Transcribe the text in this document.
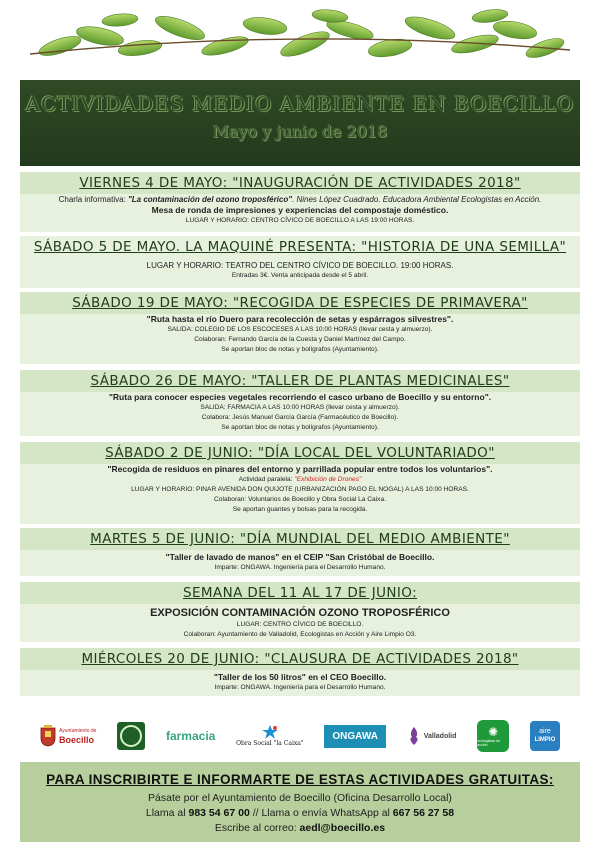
ACTIVIDADES MEDIO AMBIENTE EN BOECILLO
Mayo y junio de 2018
VIERNES 4 DE MAYO: "INAUGURACIÓN DE ACTIVIDADES 2018"
Charla informativa: "La contaminación del ozono troposférico". Nines López Cuadrado. Educadora Ambiental Ecologistas en Acción.
Mesa de ronda de impresiones y experiencias del compostaje doméstico.
LUGAR Y HORARIO: CENTRO CÍVICO DE BOECILLO A LAS 19:00 HORAS.
SÁBADO 5 DE MAYO. LA MAQUINÉ PRESENTA: "HISTORIA DE UNA SEMILLA"
LUGAR Y HORARIO: TEATRO DEL CENTRO CÍVICO DE BOECILLO. 19:00 HORAS.
Entradas 3€. Venta anticipada desde el 5 abril.
SÁBADO 19 DE MAYO: "RECOGIDA DE ESPECIES DE PRIMAVERA"
"Ruta hasta el río Duero para recolección de setas y espárragos silvestres".
SALIDA: COLEGIO DE LOS ESCOCESES A LAS 10:00 HORAS (llevar cesta y almuerzo).
Colaboran: Fernando García de la Cuesta y Daniel Martínez del Campo.
Se aportan bloc de notas y bolígrafos (Ayuntamiento).
SÁBADO 26 DE MAYO: "TALLER DE PLANTAS MEDICINALES"
"Ruta para conocer especies vegetales recorriendo el casco urbano de Boecillo y su entorno".
SALIDA: FARMACIA A LAS 10:00 HORAS (llevar cesta y almuerzo).
Colabora: Jesús Manuel García García (Farmacéutico de Boecillo).
Se aportan bloc de notas y bolígrafos (Ayuntamiento).
SÁBADO 2 DE JUNIO: "DÍA LOCAL DEL VOLUNTARIADO"
"Recogida de residuos en pinares del entorno y parrillada popular entre todos los voluntarios".
Actividad paralela: "Exhibición de Drones"
LUGAR Y HORARIO: PINAR AVENIDA DON QUIJOTE (URBANIZACIÓN PAGO EL NOGAL) A LAS 10:00 HORAS.
Colaboran: Voluntarios de Boecillo y Obra Social La Caixa.
Se aportan guantes y bolsas para la recogida.
MARTES 5 DE JUNIO: "DÍA MUNDIAL DEL MEDIO AMBIENTE"
"Taller de lavado de manos" en el CEIP "San Cristóbal de Boecillo.
Imparte: ONGAWA. Ingeniería para el Desarrollo Humano.
SEMANA DEL 11 AL 17 DE JUNIO:
EXPOSICIÓN CONTAMINACIÓN OZONO TROPOSFÉRICO
LUGAR: CENTRO CÍVICO DE BOECILLO.
Colaboran: Ayuntamiento de Valladolid, Ecologistas en Acción y Aire Limpio O3.
MIÉRCOLES 20 DE JUNIO: "CLAUSURA DE ACTIVIDADES 2018"
"Taller de los 50 litros" en el CEO Boecillo.
Imparte: ONGAWA. Ingeniería para el Desarrollo Humano.
Ayuntamiento de
Boecillo	farmacia
Obra Social "la Caixa"
ONGAWA	Valladolid	✺
ecologistas en acción
aire
LIMPIO
PARA INSCRIBIRTE E INFORMARTE DE ESTAS ACTIVIDADES GRATUITAS:
Pásate por el Ayuntamiento de Boecillo (Oficina Desarrollo Local)
Llama al 983 54 67 00 // Llama o envía WhatsApp al 667 56 27 58
Escribe al correo: aedl@boecillo.es
